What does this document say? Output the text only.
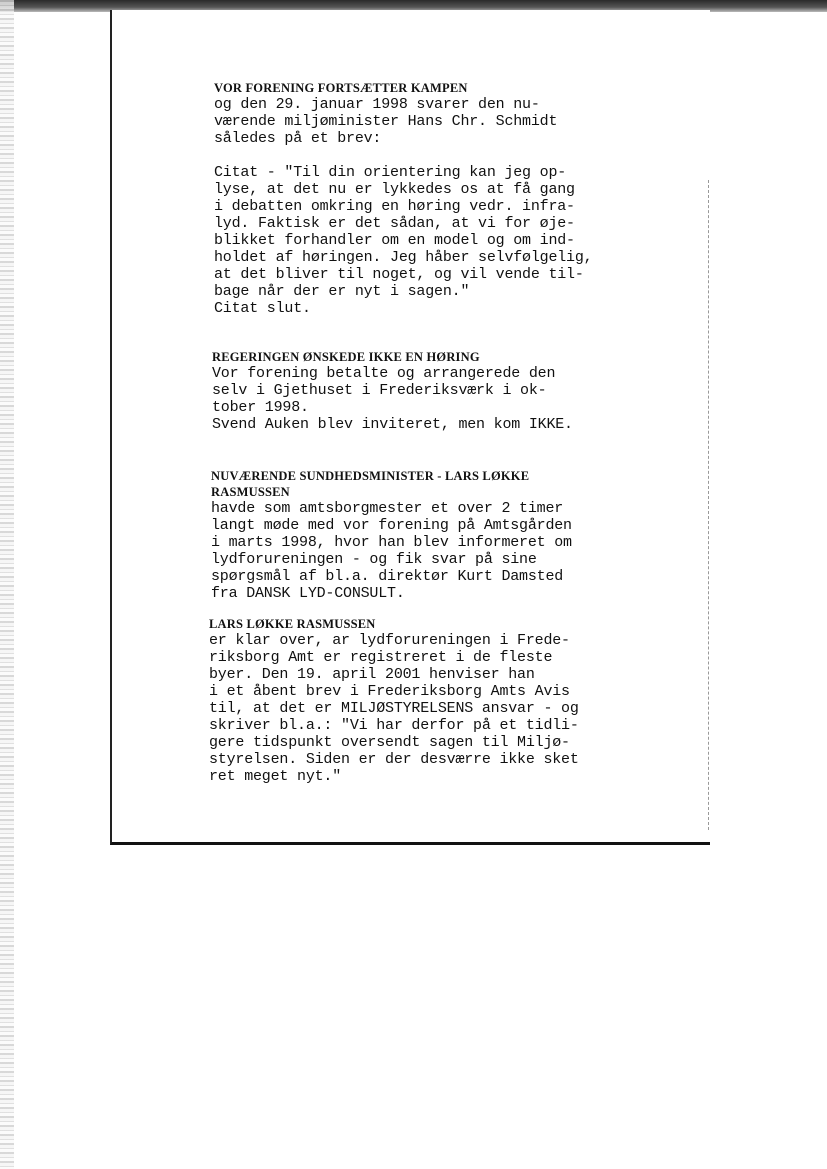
VOR FORENING FORTSÆTTER KAMPEN
og den 29. januar 1998 svarer den nu-
værende miljøminister Hans Chr. Schmidt
således på et brev:
Citat - "Til din orientering kan jeg op-
lyse, at det nu er lykkedes os at få gang
i debatten omkring en høring vedr. infra-
lyd. Faktisk er det sådan, at vi for øje-
blikket forhandler om en model og om ind-
holdet af høringen. Jeg håber selvfølgelig,
at det bliver til noget, og vil vende til-
bage når der er nyt i sagen."
Citat slut.
REGERINGEN ØNSKEDE IKKE EN HØRING
Vor forening betalte og arrangerede den
selv i Gjethuset i Frederiksværk i ok-
tober 1998.
Svend Auken blev inviteret, men kom IKKE.
NUVÆRENDE SUNDHEDSMINISTER - LARS LØKKE
RASMUSSEN
havde som amtsborgmester et over 2 timer
langt møde med vor forening på Amtsgården
i marts 1998, hvor han blev informeret om
lydforureningen - og fik svar på sine
spørgsmål af bl.a. direktør Kurt Damsted
fra DANSK LYD-CONSULT.
LARS LØKKE RASMUSSEN
er klar over, ar lydforureningen i Frede-
riksborg Amt er registreret i de fleste
byer. Den 19. april 2001 henviser han
i et åbent brev i Frederiksborg Amts Avis
til, at det er MILJØSTYRELSENS ansvar - og
skriver bl.a.: "Vi har derfor på et tidli-
gere tidspunkt oversendt sagen til Miljø-
styrelsen. Siden er der desværre ikke sket
ret meget nyt."
